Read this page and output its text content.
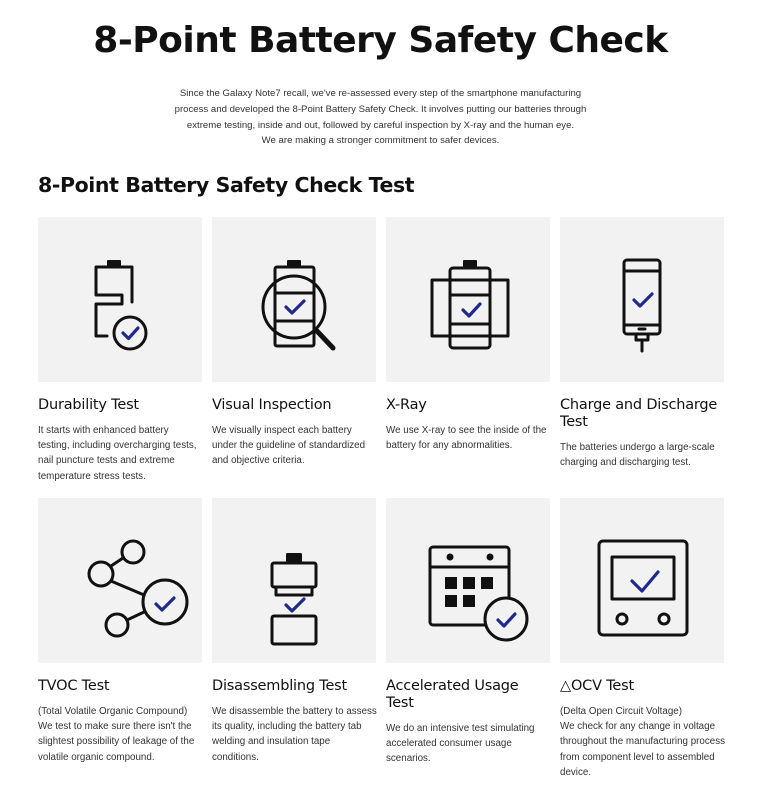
8-Point Battery Safety Check

Since the Galaxy Note7 recall, we've re-assessed every step of the smartphone manufacturing
process and developed the 8-Point Battery Safety Check. It involves putting our batteries through
extreme testing, inside and out, followed by careful inspection by X-ray and the human eye.
We are making a stronger commitment to safer devices.

8-Point Battery Safety Check Test
Durability Test

It starts with enhanced battery
testing, including overcharging tests,
nail puncture tests and extreme
temperature stress tests.

Visual Inspection

We visually inspect each battery
under the guideline of standardized
and objective criteria.

X-Ray

We use X-ray to see the inside of the
battery for any abnormalities.

Charge and Discharge Test

The batteries undergo a large-scale
charging and discharging test.

TVOC Test

(Total Volatile Organic Compound)
We test to make sure there isn't the
slightest possibility of leakage of the
volatile organic compound.

Disassembling Test

We disassemble the battery to assess
its quality, including the battery tab
welding and insulation tape
conditions.

Accelerated Usage Test

We do an intensive test simulating
accelerated consumer usage
scenarios.

△OCV Test

(Delta Open Circuit Voltage)
We check for any change in voltage
throughout the manufacturing process
from component level to assembled
device.
